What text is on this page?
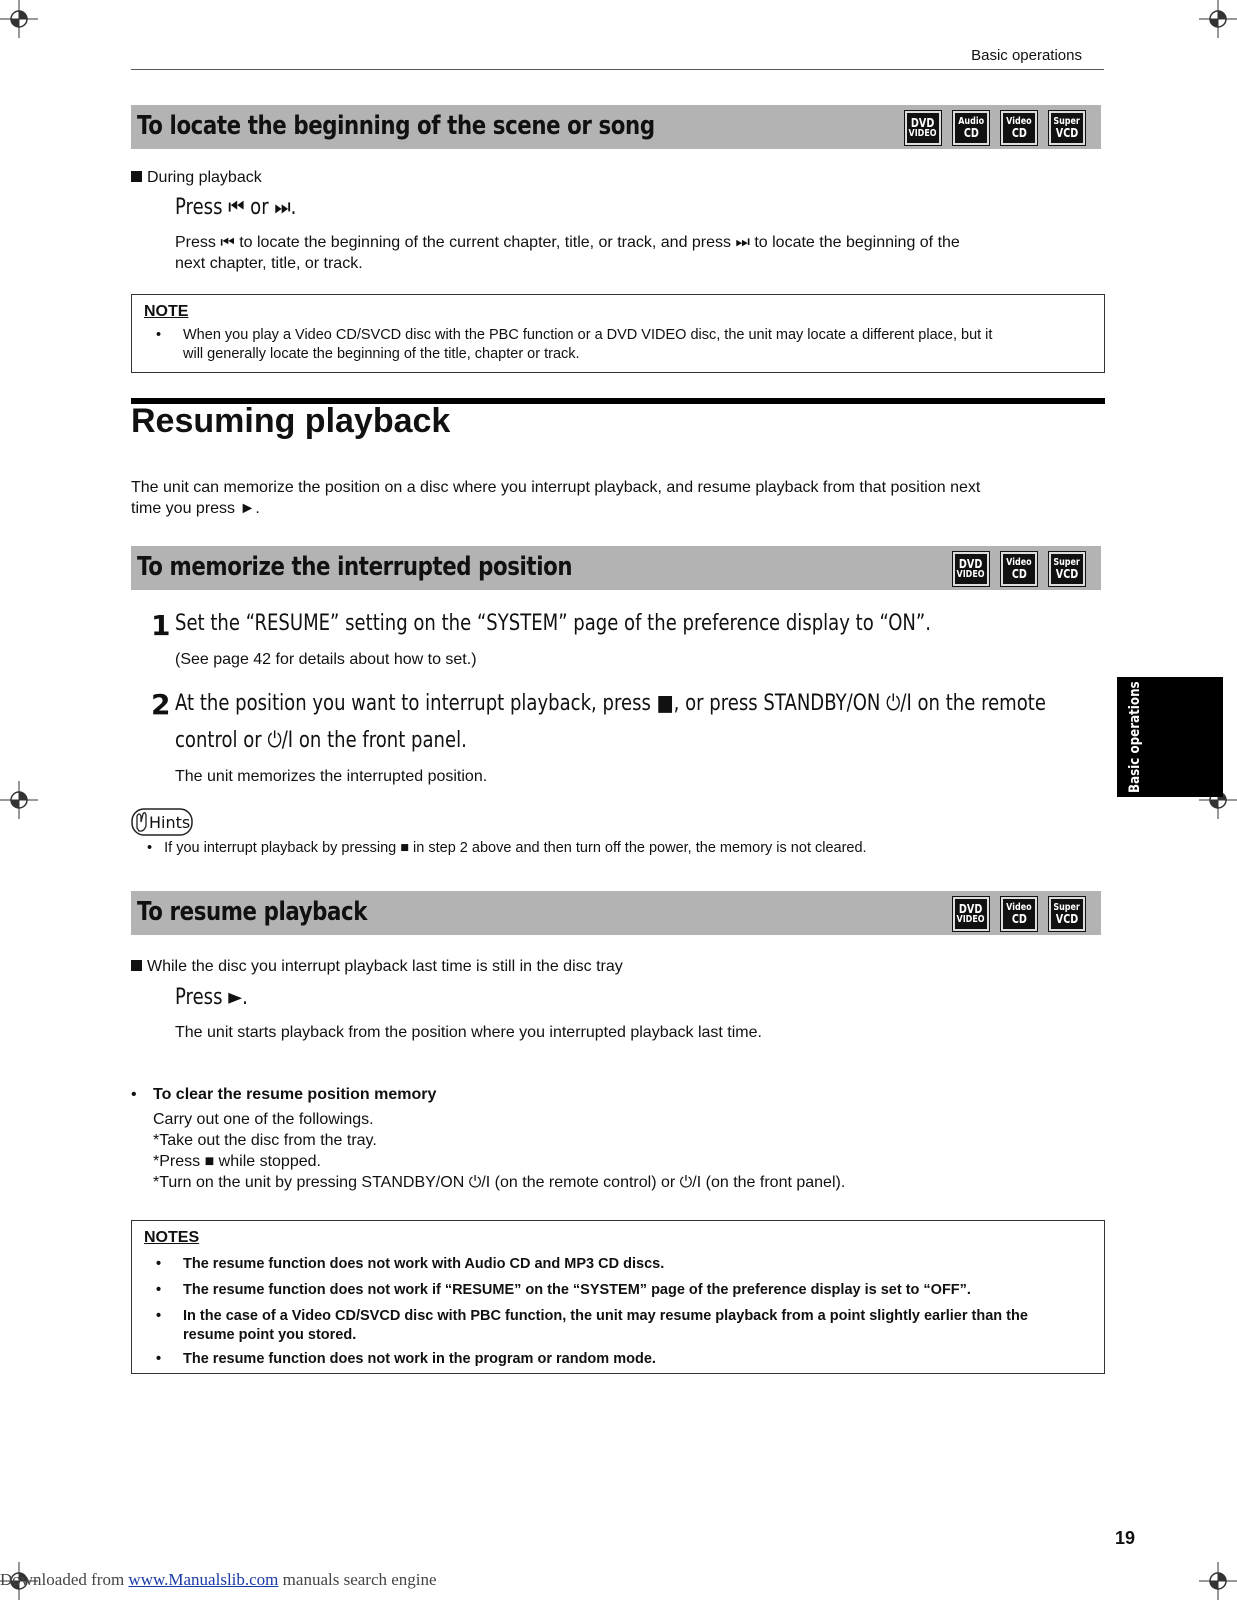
Basic operations
To locate the beginning of the scene or song	DVD
VIDEO
Audio
CD
Video
CD
Super
VCD
During playback
Press ⏮ or ⏭.
Press ⏮ to locate the beginning of the current chapter, title, or track, and press ⏭ to locate the beginning of the
next chapter, title, or track.
NOTE
• When you play a Video CD/SVCD disc with the PBC function or a DVD VIDEO disc, the unit may locate a different place, but it
will generally locate the beginning of the title, chapter or track.
Resuming playback
The unit can memorize the position on a disc where you interrupt playback, and resume playback from that position next
time you press ►.
To memorize the interrupted position	DVD
VIDEO
Video
CD
Super
VCD
1 Set the “RESUME” setting on the “SYSTEM” page of the preference display to “ON”.
(See page 42 for details about how to set.)
2 At the position you want to interrupt playback, press ■, or press STANDBY/ON ⏻/I on the remote
control or ⏻/I on the front panel.
The unit memorizes the interrupted position.
Hints
• If you interrupt playback by pressing ■ in step 2 above and then turn off the power, the memory is not cleared.
To resume playback	DVD
VIDEO
Video
CD
Super
VCD
While the disc you interrupt playback last time is still in the disc tray
Press ►.
The unit starts playback from the position where you interrupted playback last time.
• To clear the resume position memory
Carry out one of the followings.
*Take out the disc from the tray.
*Press ■ while stopped.
*Turn on the unit by pressing STANDBY/ON ⏻/I (on the remote control) or ⏻/I (on the front panel).
NOTES
• The resume function does not work with Audio CD and MP3 CD discs.
• The resume function does not work if “RESUME” on the “SYSTEM” page of the preference display is set to “OFF”.
• In the case of a Video CD/SVCD disc with PBC function, the unit may resume playback from a point slightly earlier than the
resume point you stored.
• The resume function does not work in the program or random mode.
Basic operations
19
Downloaded from www.Manualslib.com manuals search engine
